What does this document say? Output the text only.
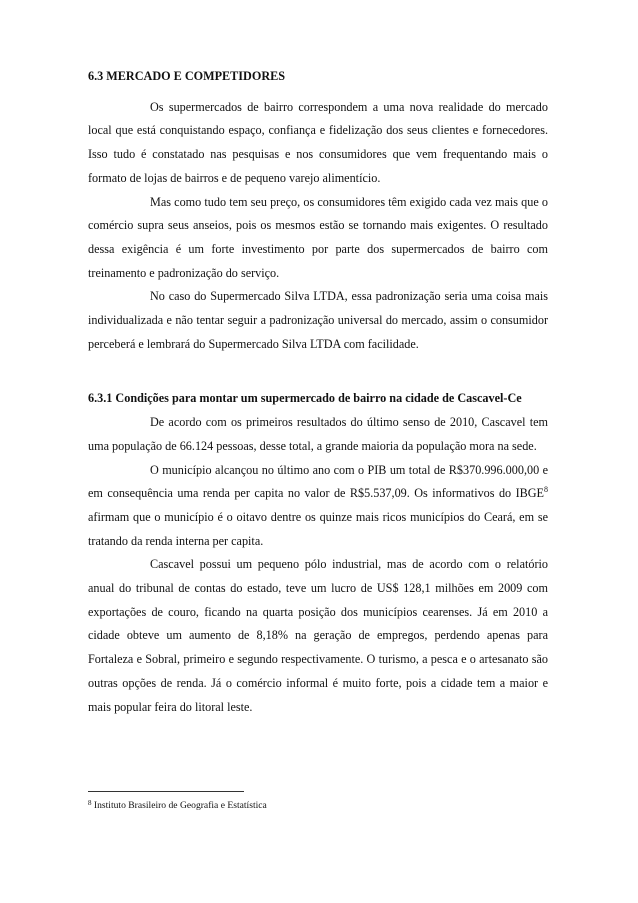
6.3 MERCADO E COMPETIDORES

Os supermercados de bairro correspondem a uma nova realidade do mercado local que está conquistando espaço, confiança e fidelização dos seus clientes e fornecedores. Isso tudo é constatado nas pesquisas e nos consumidores que vem frequentando mais o formato de lojas de bairros e de pequeno varejo alimentício.

Mas como tudo tem seu preço, os consumidores têm exigido cada vez mais que o comércio supra seus anseios, pois os mesmos estão se tornando mais exigentes. O resultado dessa exigência é um forte investimento por parte dos supermercados de bairro com treinamento e padronização do serviço.

No caso do Supermercado Silva LTDA, essa padronização seria uma coisa mais individualizada e não tentar seguir a padronização universal do mercado, assim o consumidor perceberá e lembrará do Supermercado Silva LTDA com facilidade.

6.3.1 Condições para montar um supermercado de bairro na cidade de Cascavel-Ce

De acordo com os primeiros resultados do último senso de 2010, Cascavel tem uma população de 66.124 pessoas, desse total, a grande maioria da população mora na sede.

O município alcançou no último ano com o PIB um total de R$370.996.000,00 e em consequência uma renda per capita no valor de R$5.537,09. Os informativos do IBGE$^8$ afirmam que o município é o oitavo dentre os quinze mais ricos municípios do Ceará, em se tratando da renda interna per capita.

Cascavel possui um pequeno pólo industrial, mas de acordo com o relatório anual do tribunal de contas do estado, teve um lucro de US$ 128,1 milhões em 2009 com exportações de couro, ficando na quarta posição dos municípios cearenses. Já em 2010 a cidade obteve um aumento de 8,18% na geração de empregos, perdendo apenas para Fortaleza e Sobral, primeiro e segundo respectivamente. O turismo, a pesca e o artesanato são outras opções de renda. Já o comércio informal é muito forte, pois a cidade tem a maior e mais popular feira do litoral leste.

$^8$ Instituto Brasileiro de Geografia e Estatística
